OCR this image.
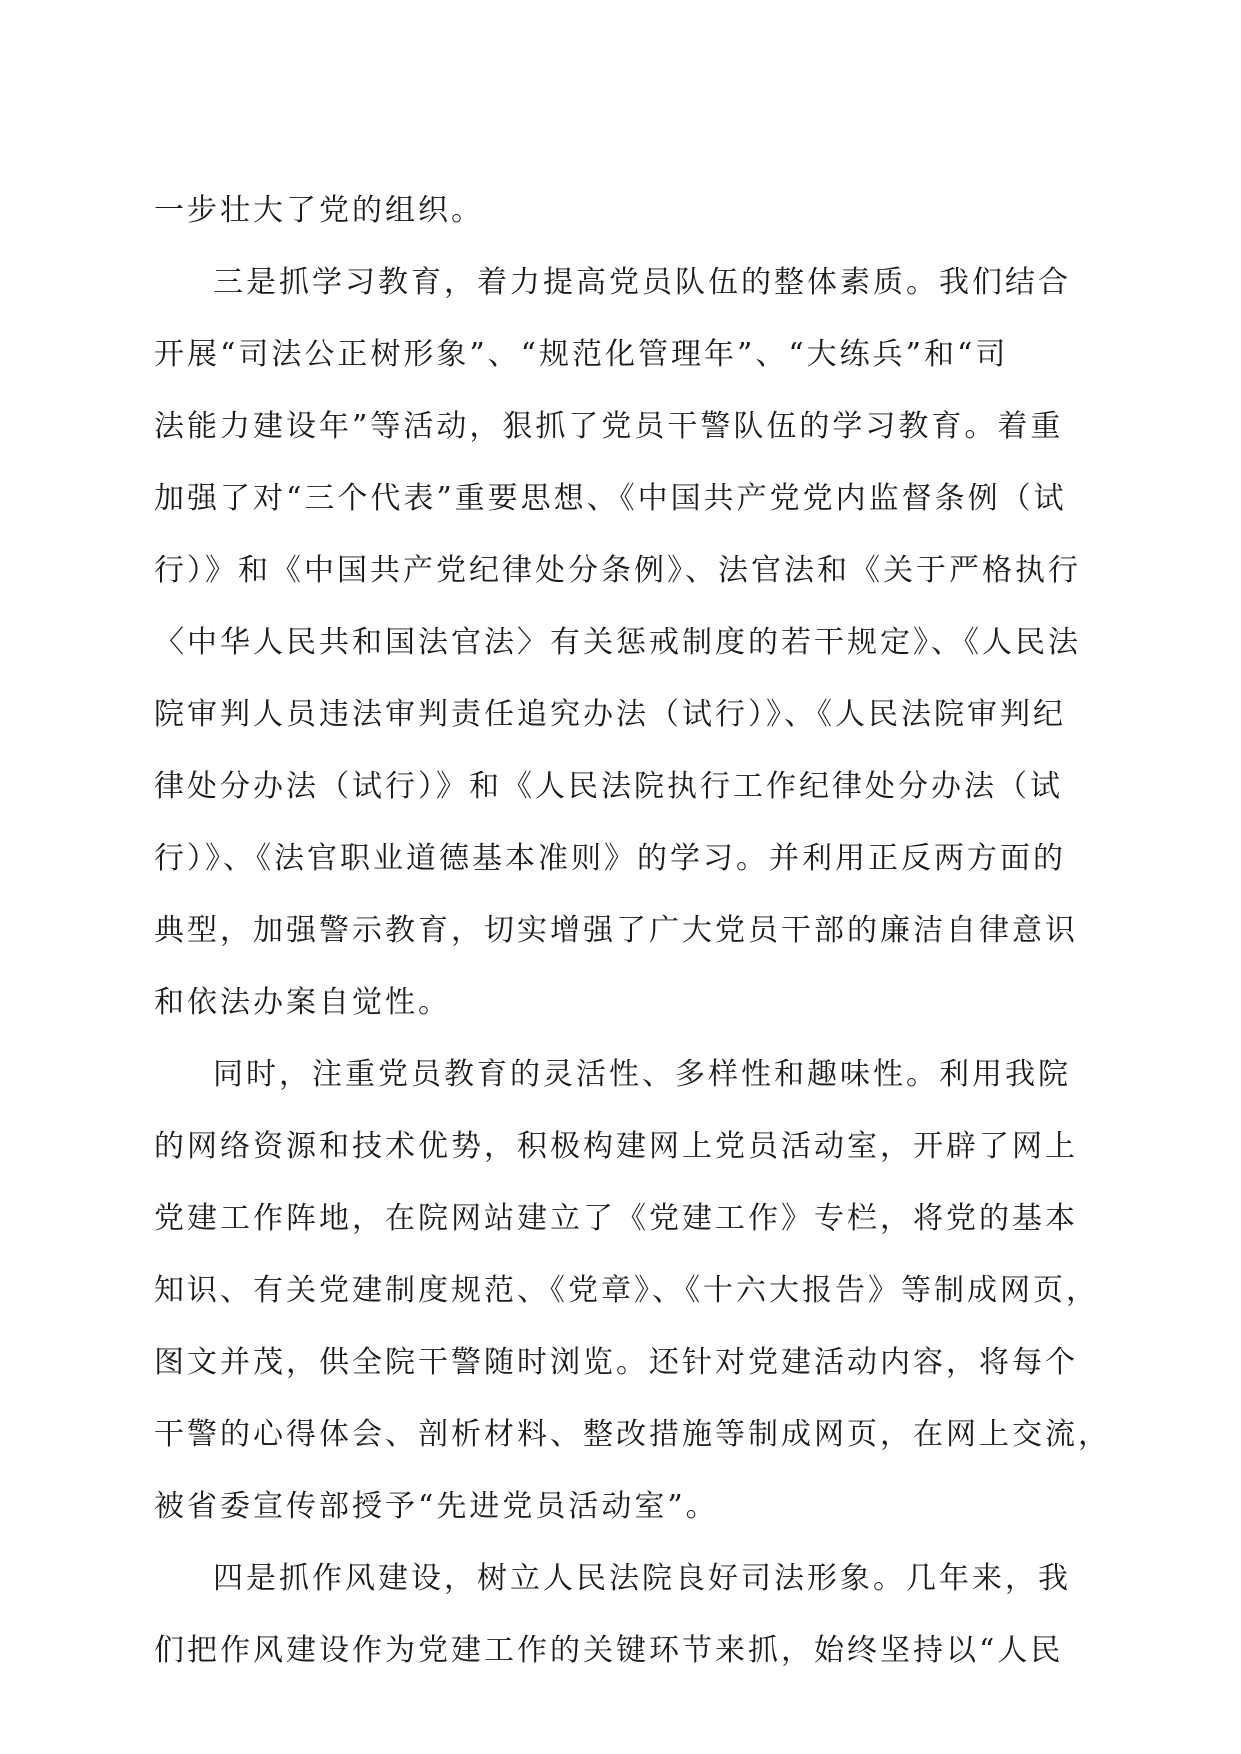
一步壮大了党的组织。

三是抓学习教育，着力提高党员队伍的整体素质。我们结合

开展“司法公正树形象”、“规范化管理年”、“大练兵”和“司

法能力建设年”等活动，狠抓了党员干警队伍的学习教育。着重

加强了对“三个代表”重要思想、《中国共产党党内监督条例（试

行）》和《中国共产党纪律处分条例》、法官法和《关于严格执行

〈中华人民共和国法官法〉有关惩戒制度的若干规定》、《人民法

院审判人员违法审判责任追究办法（试行）》、《人民法院审判纪

律处分办法（试行）》和《人民法院执行工作纪律处分办法（试

行）》、《法官职业道德基本准则》的学习。并利用正反两方面的

典型，加强警示教育，切实增强了广大党员干部的廉洁自律意识

和依法办案自觉性。

同时，注重党员教育的灵活性、多样性和趣味性。利用我院

的网络资源和技术优势，积极构建网上党员活动室，开辟了网上

党建工作阵地，在院网站建立了《党建工作》专栏，将党的基本

知识、有关党建制度规范、《党章》、《十六大报告》等制成网页，

图文并茂，供全院干警随时浏览。还针对党建活动内容，将每个

干警的心得体会、剖析材料、整改措施等制成网页，在网上交流，

被省委宣传部授予“先进党员活动室”。

四是抓作风建设，树立人民法院良好司法形象。几年来，我

们把作风建设作为党建工作的关键环节来抓，始终坚持以“人民
